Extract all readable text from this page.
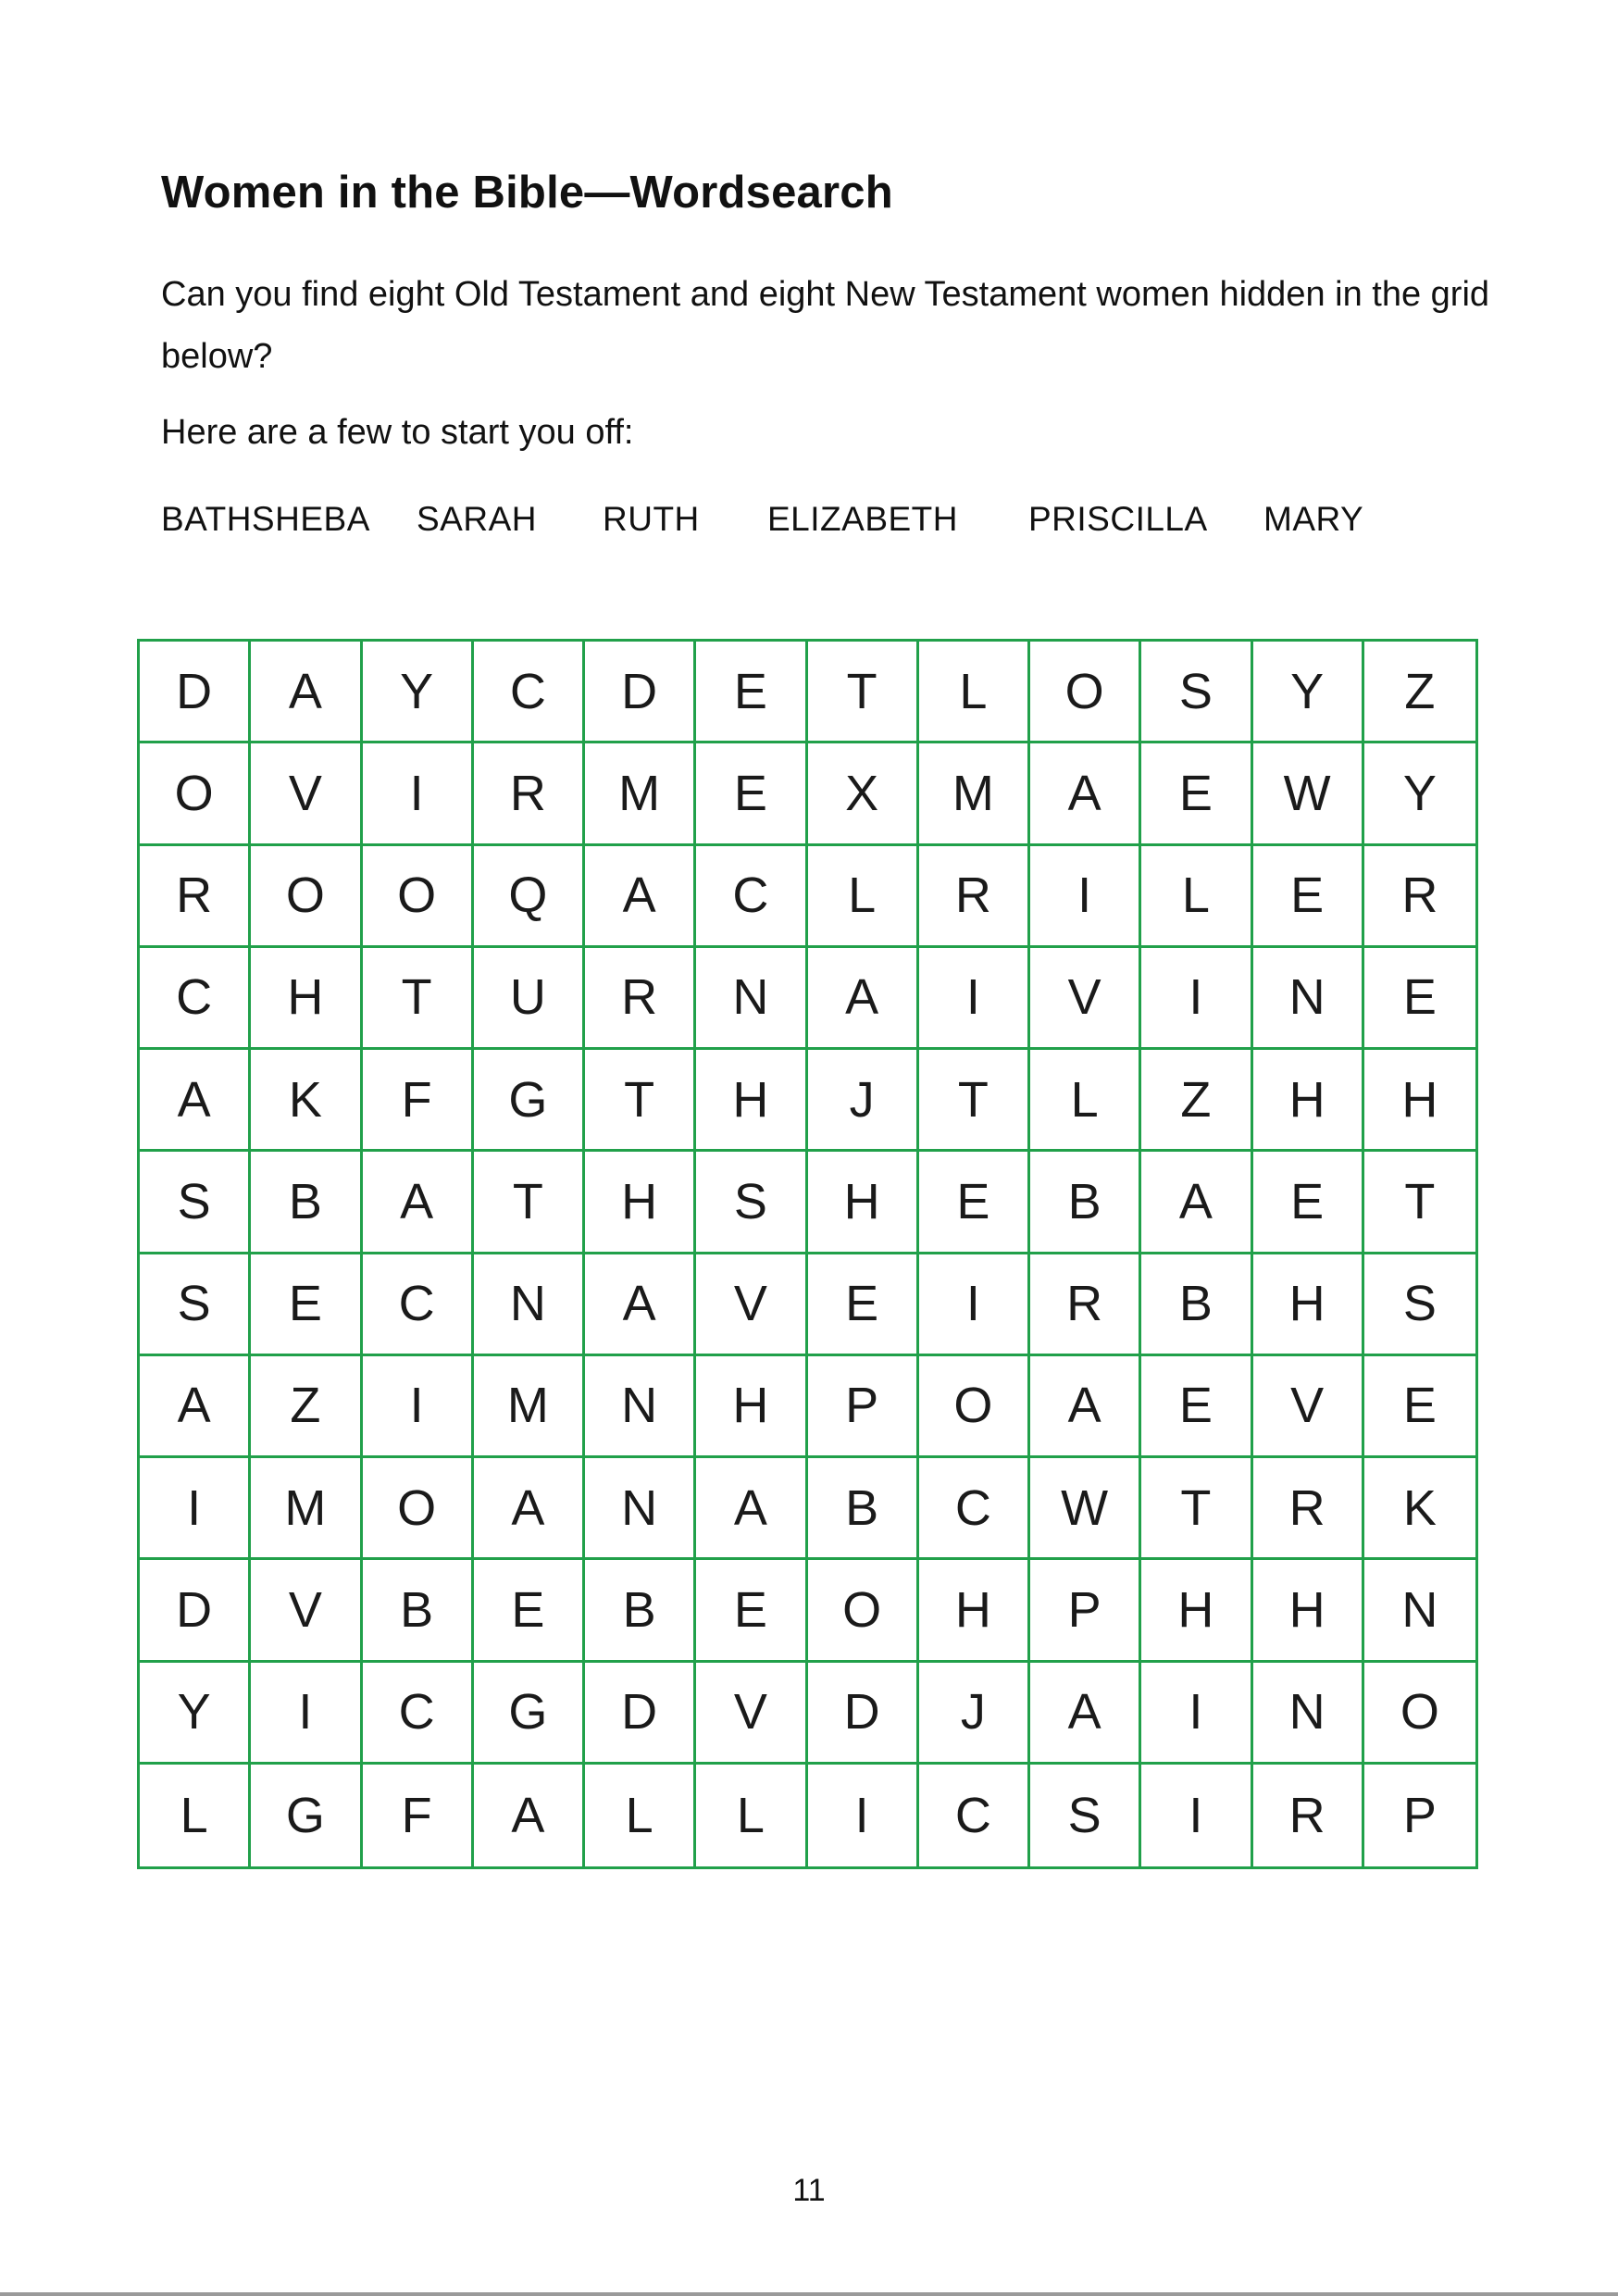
Women in the Bible—Wordsearch
Can you find eight Old Testament and eight New Testament women hidden in the grid below?
Here are a few to start you off:
BATHSHEBA SARAH RUTH ELIZABETH PRISCILLA MARY
D	A	Y	C	D	E	T	L	O	S	Y	Z
O	V	I	R	M	E	X	M	A	E	W	Y
R	O	O	Q	A	C	L	R	I	L	E	R
C	H	T	U	R	N	A	I	V	I	N	E
A	K	F	G	T	H	J	T	L	Z	H	H
S	B	A	T	H	S	H	E	B	A	E	T
S	E	C	N	A	V	E	I	R	B	H	S
A	Z	I	M	N	H	P	O	A	E	V	E
I	M	O	A	N	A	B	C	W	T	R	K
D	V	B	E	B	E	O	H	P	H	H	N
Y	I	C	G	D	V	D	J	A	I	N	O
L	G	F	A	L	L	I	C	S	I	R	P
11
